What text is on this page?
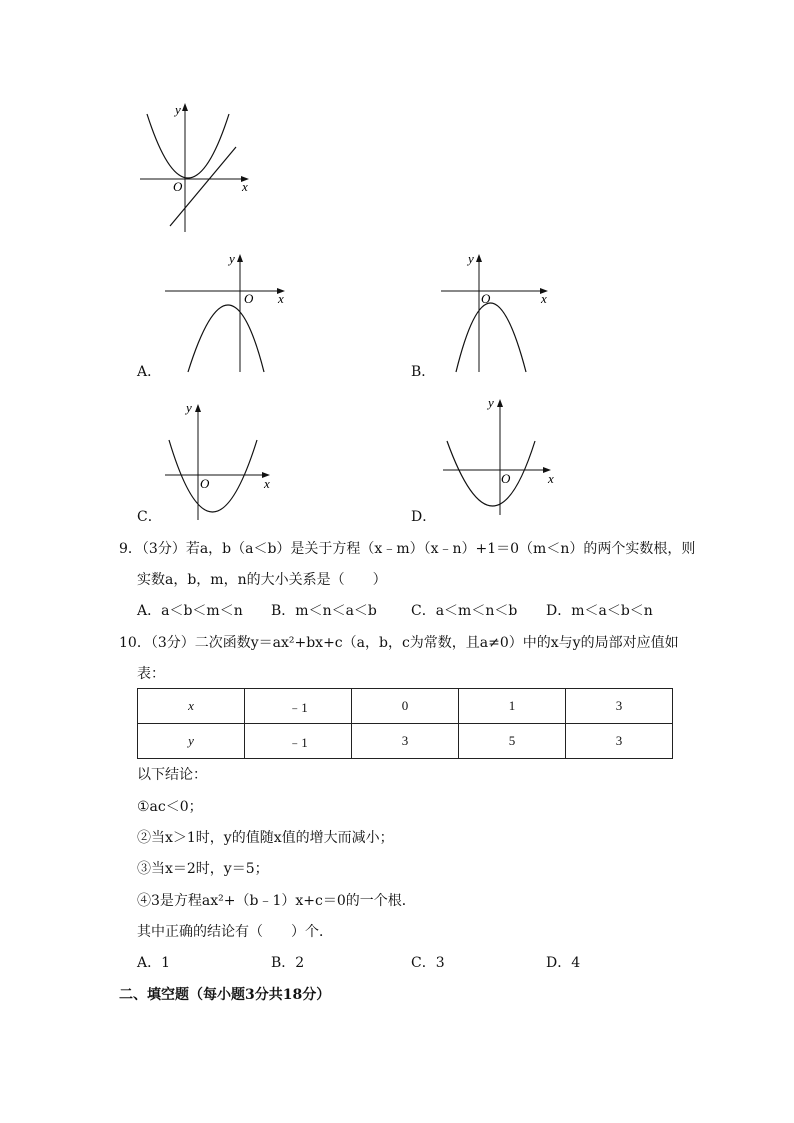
y
x
O
y
x
O
A．
y
x
O
B．
y
x
O
C．
y
x
O
D．
9．（3分）若a，b（a＜b）是关于方程（x﹣m）（x﹣n）+1＝0（m＜n）的两个实数根，则
实数a，b，m，n的大小关系是（　　）
A．a＜b＜m＜n B．m＜n＜a＜b C．a＜m＜n＜b D．m＜a＜b＜n
10．（3分）二次函数y＝ax²+bx+c（a，b，c为常数，且a≠0）中的x与y的局部对应值如
表：
x	﹣1	0	1	3
y	﹣1	3	5	3
以下结论：
①ac＜0；
②当x＞1时，y的值随x值的增大而减小；
③当x＝2时，y＝5；
④3是方程ax²+（b﹣1）x+c＝0的一个根．
其中正确的结论有（　　）个．
A．1	B．2	C．3	D．4
二、填空题（每小题3分共18分）
